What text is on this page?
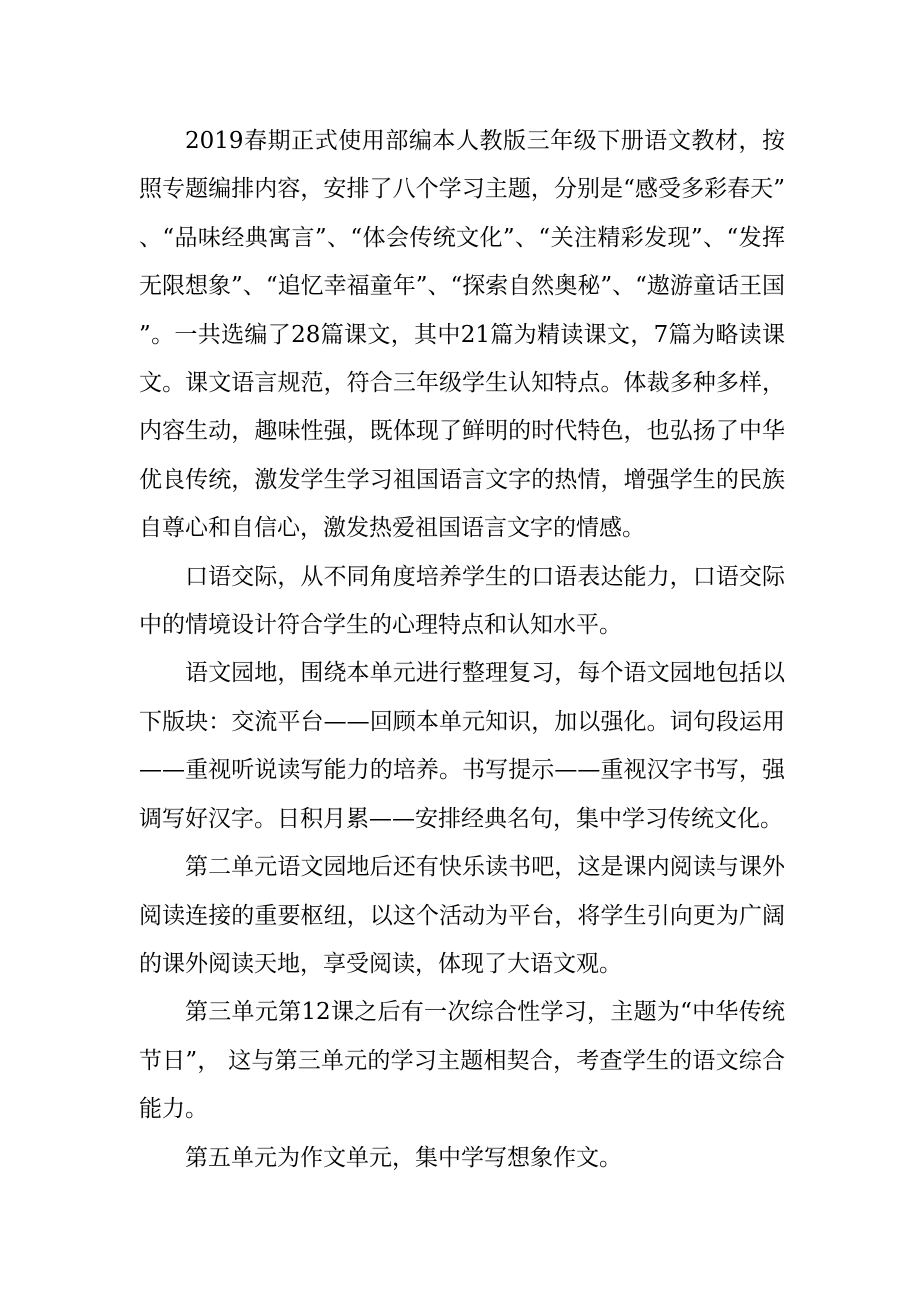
2019春期正式使用部编本人教版三年级下册语文教材，按照专题编排内容，安排了八个学习主题，分别是“感受多彩春天”、“品味经典寓言”、“体会传统文化”、“关注精彩发现”、“发挥无限想象”、“追忆幸福童年”、“探索自然奥秘”、“遨游童话王国”。一共选编了28篇课文，其中21篇为精读课文，7篇为略读课文。课文语言规范，符合三年级学生认知特点。体裁多种多样，内容生动，趣味性强，既体现了鲜明的时代特色，也弘扬了中华优良传统，激发学生学习祖国语言文字的热情，增强学生的民族自尊心和自信心，激发热爱祖国语言文字的情感。

口语交际，从不同角度培养学生的口语表达能力，口语交际中的情境设计符合学生的心理特点和认知水平。

语文园地，围绕本单元进行整理复习，每个语文园地包括以下版块：交流平台——回顾本单元知识，加以强化。词句段运用——重视听说读写能力的培养。书写提示——重视汉字书写，强调写好汉字。日积月累——安排经典名句，集中学习传统文化。

第二单元语文园地后还有快乐读书吧，这是课内阅读与课外阅读连接的重要枢纽，以这个活动为平台，将学生引向更为广阔的课外阅读天地，享受阅读，体现了大语文观。

第三单元第12课之后有一次综合性学习，主题为“中华传统节日”， 这与第三单元的学习主题相契合，考查学生的语文综合能力。

第五单元为作文单元，集中学写想象作文。
